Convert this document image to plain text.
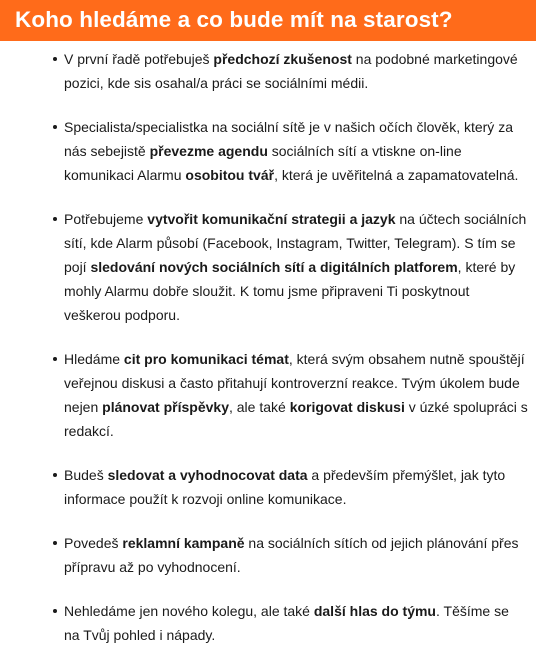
Koho hledáme a co bude mít na starost?
V první řadě potřebuješ předchozí zkušenost na podobné marketingové pozici, kde sis osahal/a práci se sociálními médii.
Specialista/specialistka na sociální sítě je v našich očích člověk, který za nás sebejistě převezme agendu sociálních sítí a vtiskne on-line komunikaci Alarmu osobitou tvář, která je uvěřitelná a zapamatovatelná.
Potřebujeme vytvořit komunikační strategii a jazyk na účtech sociálních sítí, kde Alarm působí (Facebook, Instagram, Twitter, Telegram). S tím se pojí sledování nových sociálních sítí a digitálních platforem, které by mohly Alarmu dobře sloužit. K tomu jsme připraveni Ti poskytnout veškerou podporu.
Hledáme cit pro komunikaci témat, která svým obsahem nutně spouštějí veřejnou diskusi a často přitahují kontroverzní reakce. Tvým úkolem bude nejen plánovat příspěvky, ale také korigovat diskusi v úzké spolupráci s redakcí.
Budeš sledovat a vyhodnocovat data a především přemýšlet, jak tyto informace použít k rozvoji online komunikace.
Povedeš reklamní kampaně na sociálních sítích od jejich plánování přes přípravu až po vyhodnocení.
Nehledáme jen nového kolegu, ale také další hlas do týmu. Těšíme se na Tvůj pohled i nápady.
